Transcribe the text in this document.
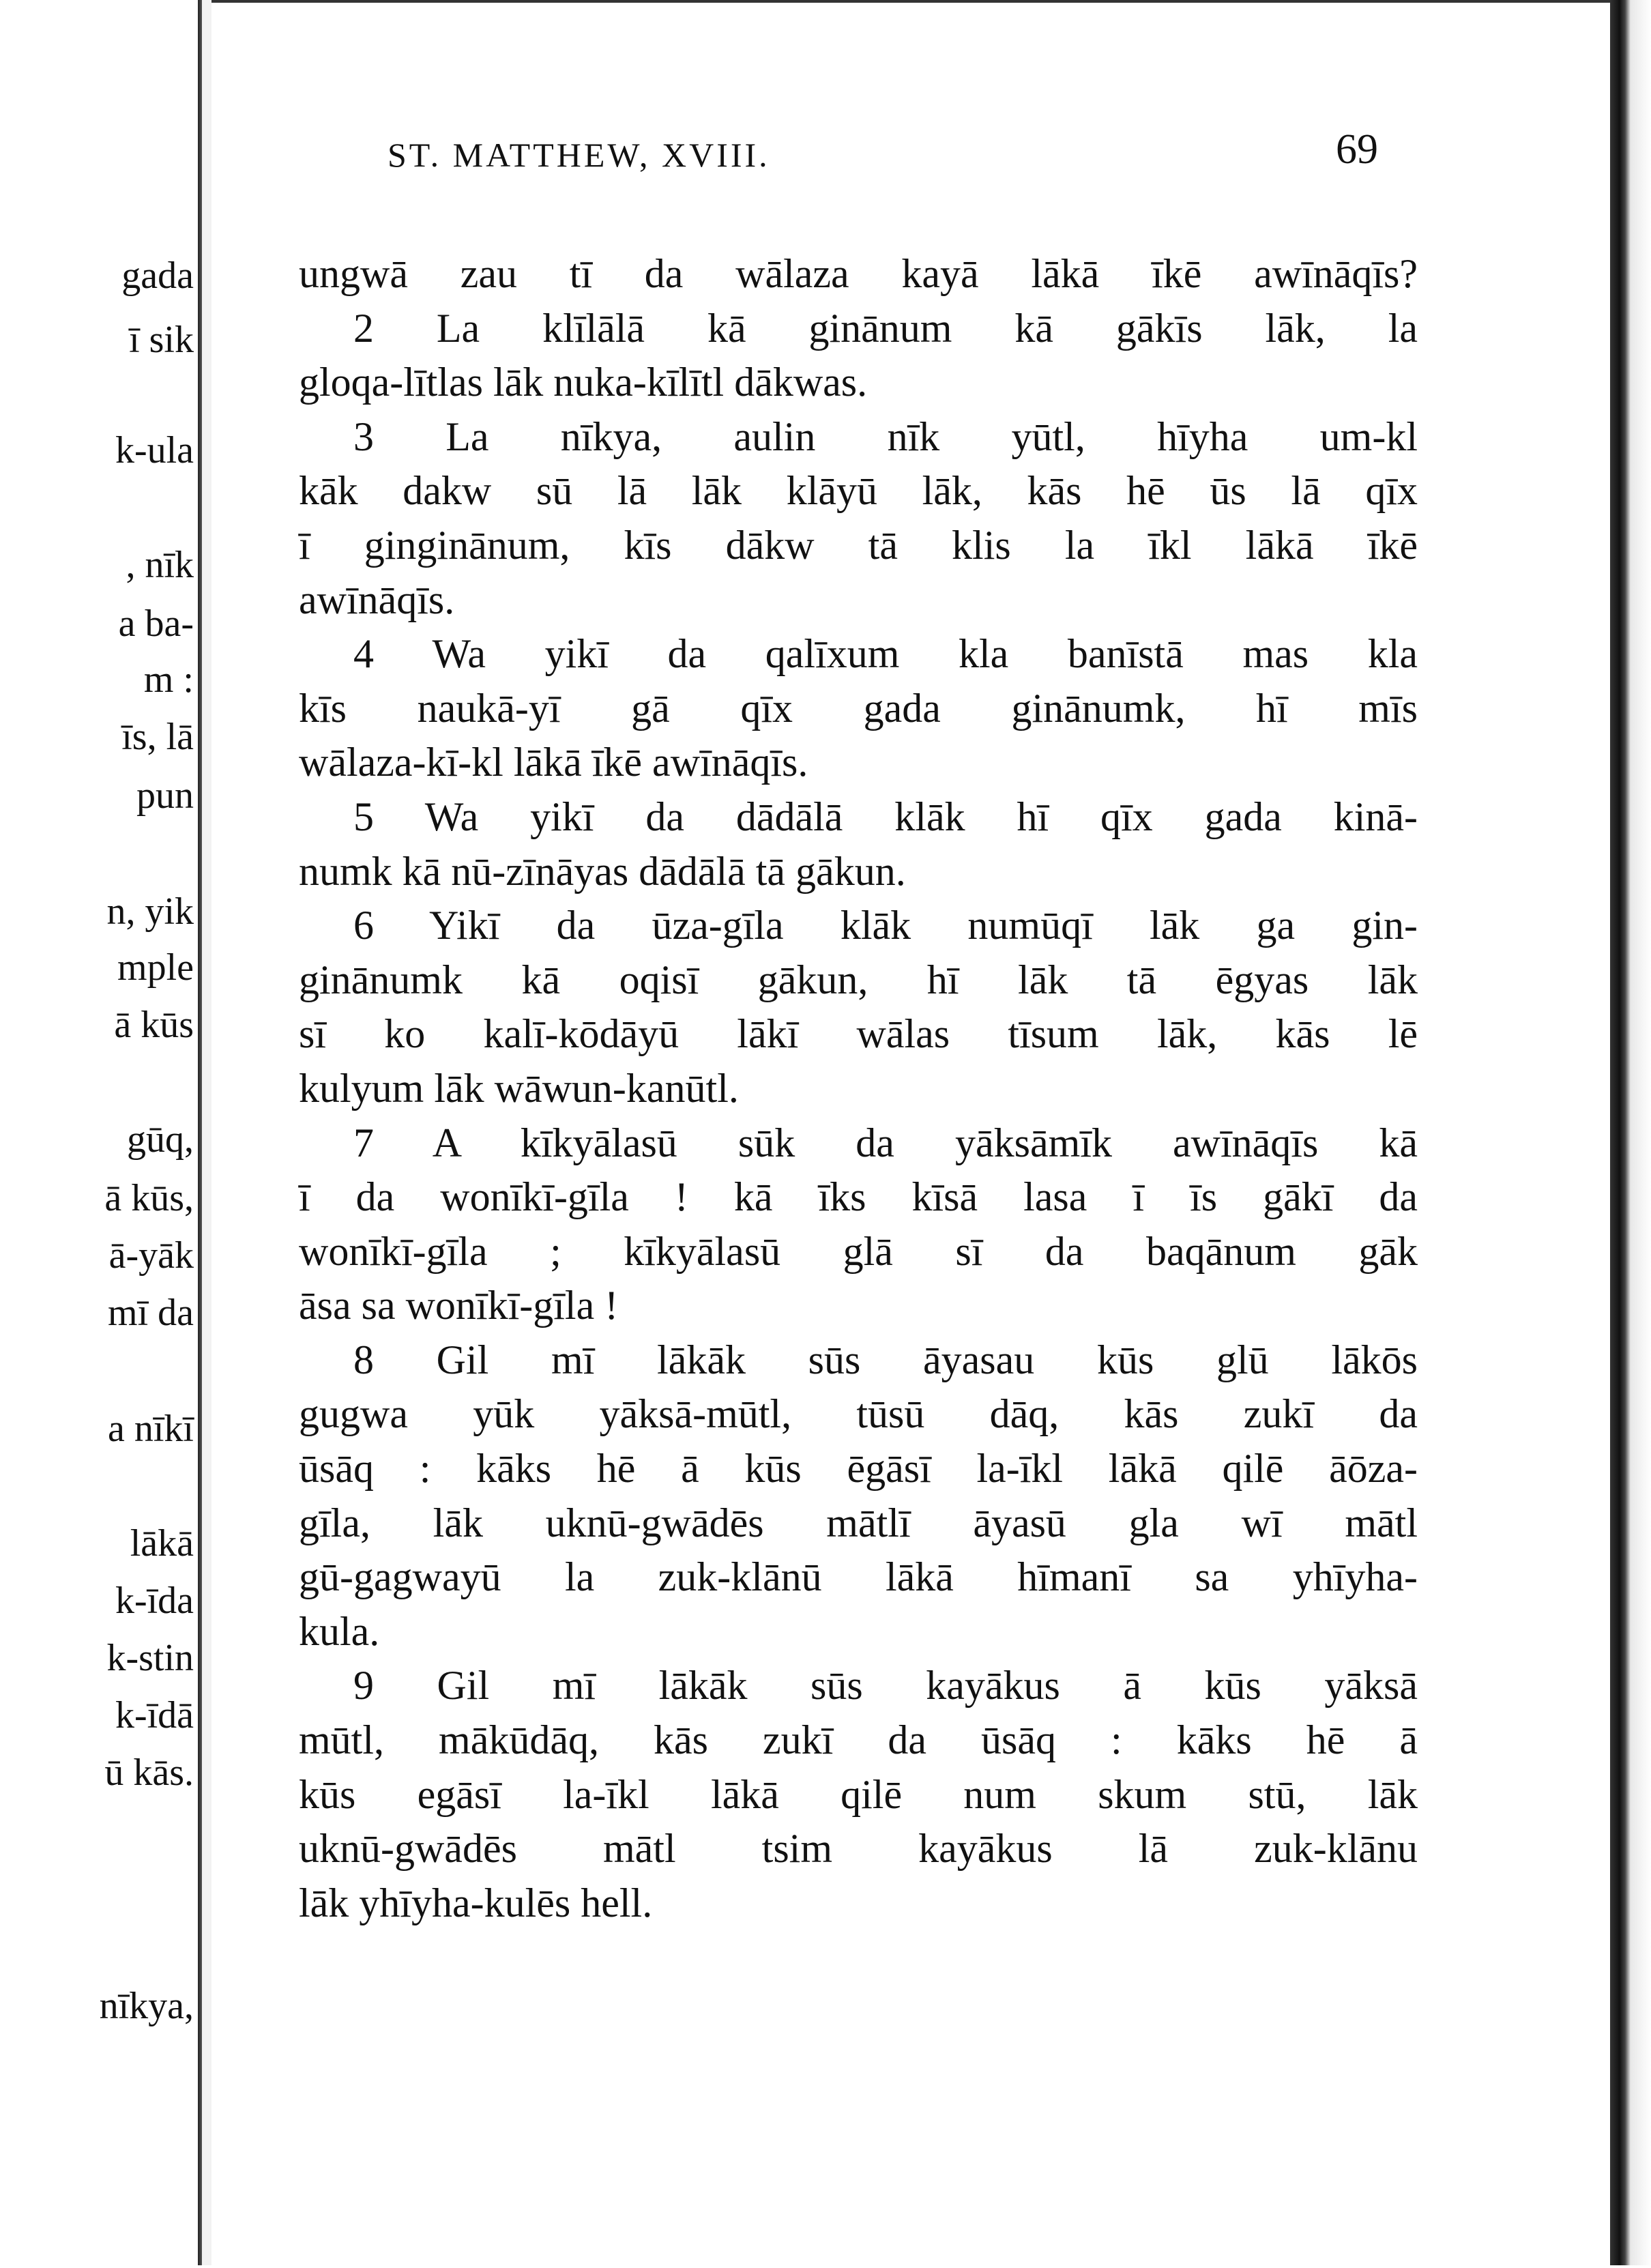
gada
ī sik
k-ula
, nīk
a ba-
m :
īs, lā
pun
n, yik
mple
ā kūs
gūq,
ā kūs,
ā-yāk
mī da
a nīkī
lākā
k-īda
k-stin
k-īdā
ū kās.
nīkya,
ST. MATTHEW, XVIII.	69
ungwā zau tī da wālaza kayā lākā īkē awīnāqīs?
2 La klīlālā kā ginānum kā gākīs lāk, la
gloqa-lītlas lāk nuka-kīlītl dākwas.
3 La nīkya, aulin nīk yūtl, hīyha um-kl
kāk dakw sū lā lāk klāyū lāk, kās hē ūs lā qīx
ī ginginānum, kīs dākw tā klis la īkl lākā īkē
awīnāqīs.
4 Wa yikī da qalīxum kla banīstā mas kla
kīs naukā-yī gā qīx gada ginānumk, hī mīs
wālaza-kī-kl lākā īkē awīnāqīs.
5 Wa yikī da dādālā klāk hī qīx gada kinā-
numk kā nū-zīnāyas dādālā tā gākun.
6 Yikī da ūza-gīla klāk numūqī lāk ga gin-
ginānumk kā oqisī gākun, hī lāk tā ēgyas lāk
sī ko kalī-kōdāyū lākī wālas tīsum lāk, kās lē
kulyum lāk wāwun-kanūtl.
7 A kīkyālasū sūk da yāksāmīk awīnāqīs kā
ī da wonīkī-gīla ! kā īks kīsā lasa ī īs gākī da
wonīkī-gīla ; kīkyālasū glā sī da baqānum gāk
āsa sa wonīkī-gīla !
8 Gil mī lākāk sūs āyasau kūs glū lākōs
gugwa yūk yāksā-mūtl, tūsū dāq, kās zukī da
ūsāq : kāks hē ā kūs ēgāsī la-īkl lākā qilē āōza-
gīla, lāk uknū-gwādēs mātlī āyasū gla wī mātl
gū-gagwayū la zuk-klānū lākā hīmanī sa yhīyha-
kula.
9 Gil mī lākāk sūs kayākus ā kūs yāksā
mūtl, mākūdāq, kās zukī da ūsāq : kāks hē ā
kūs egāsī la-īkl lākā qilē num skum stū, lāk
uknū-gwādēs mātl tsim kayākus lā zuk-klānu
lāk yhīyha-kulēs hell.
